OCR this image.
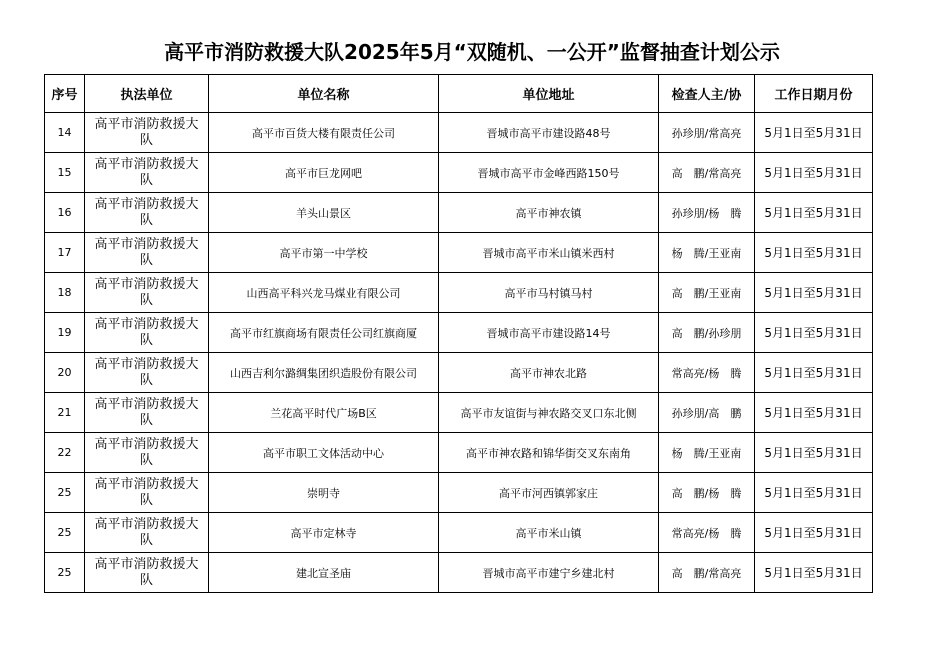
高平市消防救援大队2025年5月“双随机、一公开”监督抽查计划公示
序号	执法单位	单位名称	单位地址	检查人主/协	工作日期月份
14	高平市消防救援大队	高平市百货大楼有限责任公司	晋城市高平市建设路48号	孙珍朋/常高亮	5月1日至5月31日
15	高平市消防救援大队	高平市巨龙网吧	晋城市高平市金峰西路150号	高　鹏/常高亮	5月1日至5月31日
16	高平市消防救援大队	羊头山景区	高平市神农镇	孙珍朋/杨　腾	5月1日至5月31日
17	高平市消防救援大队	高平市第一中学校	晋城市高平市米山镇米西村	杨　腾/王亚南	5月1日至5月31日
18	高平市消防救援大队	山西高平科兴龙马煤业有限公司	高平市马村镇马村	高　鹏/王亚南	5月1日至5月31日
19	高平市消防救援大队	高平市红旗商场有限责任公司红旗商厦	晋城市高平市建设路14号	高　鹏/孙珍朋	5月1日至5月31日
20	高平市消防救援大队	山西吉利尔潞绸集团织造股份有限公司	高平市神农北路	常高亮/杨　腾	5月1日至5月31日
21	高平市消防救援大队	兰花高平时代广场B区	高平市友谊街与神农路交叉口东北侧	孙珍朋/高　鹏	5月1日至5月31日
22	高平市消防救援大队	高平市职工文体活动中心	高平市神农路和锦华街交叉东南角	杨　腾/王亚南	5月1日至5月31日
25	高平市消防救援大队	崇明寺	高平市河西镇郭家庄	高　鹏/杨　腾	5月1日至5月31日
25	高平市消防救援大队	高平市定林寺	高平市米山镇	常高亮/杨　腾	5月1日至5月31日
25	高平市消防救援大队	建北宣圣庙	晋城市高平市建宁乡建北村	高　鹏/常高亮	5月1日至5月31日
